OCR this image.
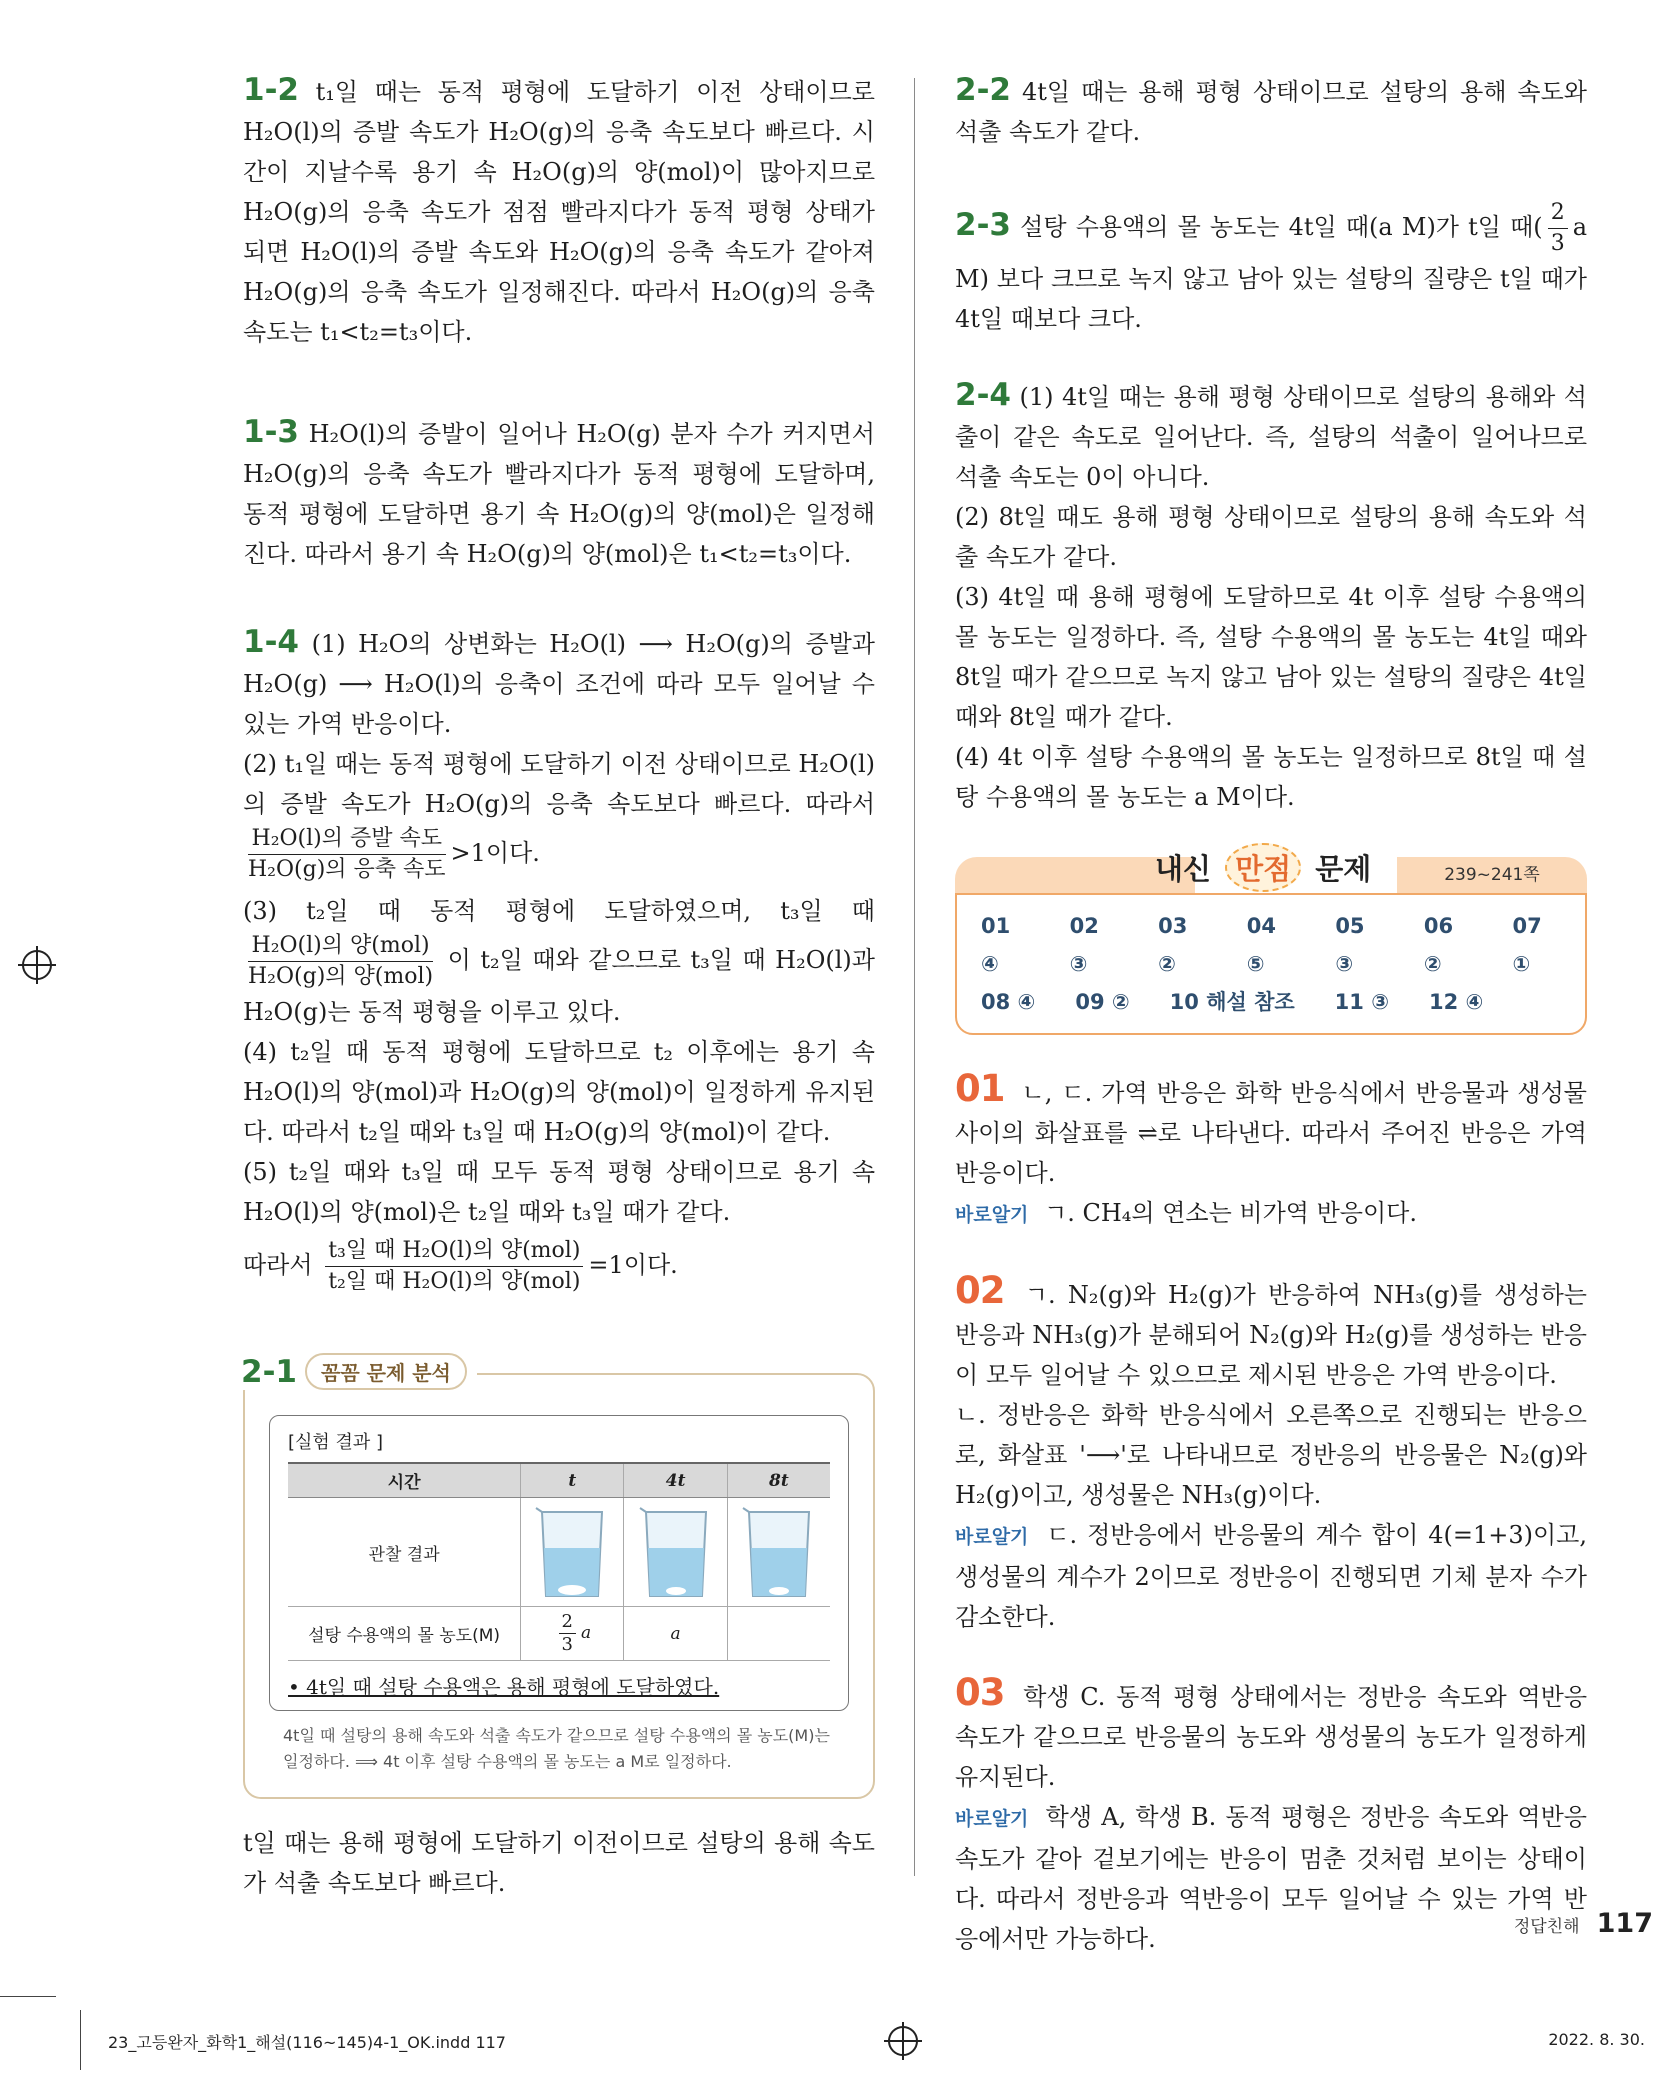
1-2 t₁일 때는 동적 평형에 도달하기 이전 상태이므로 H₂O(l)의 증발 속도가 H₂O(g)의 응축 속도보다 빠르다. 시간이 지날수록 용기 속 H₂O(g)의 양(mol)이 많아지므로 H₂O(g)의 응축 속도가 점점 빨라지다가 동적 평형 상태가 되면 H₂O(l)의 증발 속도와 H₂O(g)의 응축 속도가 같아져 H₂O(g)의 응축 속도가 일정해진다. 따라서 H₂O(g)의 응축 속도는 t₁<t₂=t₃이다.

1-3 H₂O(l)의 증발이 일어나 H₂O(g) 분자 수가 커지면서 H₂O(g)의 응축 속도가 빨라지다가 동적 평형에 도달하며, 동적 평형에 도달하면 용기 속 H₂O(g)의 양(mol)은 일정해진다. 따라서 용기 속 H₂O(g)의 양(mol)은 t₁<t₂=t₃이다.

1-4 (1) H₂O의 상변화는 H₂O(l) ⟶ H₂O(g)의 증발과 H₂O(g) ⟶ H₂O(l)의 응축이 조건에 따라 모두 일어날 수 있는 가역 반응이다.

(2) t₁일 때는 동적 평형에 도달하기 이전 상태이므로 H₂O(l)의 증발 속도가 H₂O(g)의 응축 속도보다 빠르다. 따라서
$\frac{\text{H₂O(l)의 증발 속도}}{\text{H₂O(g)의 응축 속도}} >1$이다.

(3) t₂일 때 동적 평형에 도달하였으며, t₃일 때
$\frac{\text{H₂O(l)의 양(mol)}}{\text{H₂O(g)의 양(mol)}}$ 이 t₂일 때와 같으므로 t₃일 때 H₂O(l)과 H₂O(g)는 동적 평형을 이루고 있다.

(4) t₂일 때 동적 평형에 도달하므로 t₂ 이후에는 용기 속 H₂O(l)의 양(mol)과 H₂O(g)의 양(mol)이 일정하게 유지된다. 따라서 t₂일 때와 t₃일 때 H₂O(g)의 양(mol)이 같다.

(5) t₂일 때와 t₃일 때 모두 동적 평형 상태이므로 용기 속 H₂O(l)의 양(mol)은 t₂일 때와 t₃일 때가 같다.

따라서 $\frac{\text{t₃일 때 H₂O(l)의 양(mol)}}{\text{t₂일 때 H₂O(l)의 양(mol)}} =1$이다.

2-1	꼼꼼 문제 분석
[실험 결과 ]
시간	t	4t	8t
관찰 결과	

설탕 수용액의 몰 농도(M)	$\frac{2}{3}$ a	a	
• 4t일 때 설탕 수용액은 용해 평형에 도달하였다.
4t일 때 설탕의 용해 속도와 석출 속도가 같으므로 설탕 수용액의 몰 농도(M)는 일정하다. ⟹ 4t 이후 설탕 수용액의 몰 농도는 a M로 일정하다.

t일 때는 용해 평형에 도달하기 이전이므로 설탕의 용해 속도가 석출 속도보다 빠르다.

2-2 4t일 때는 용해 평형 상태이므로 설탕의 용해 속도와 석출 속도가 같다.

2-3 설탕 수용액의 몰 농도는 4t일 때(a M)가 t일 때( $\frac{2}{3}$ a M) 보다 크므로 녹지 않고 남아 있는 설탕의 질량은 t일 때가 4t일 때보다 크다.

2-4 (1) 4t일 때는 용해 평형 상태이므로 설탕의 용해와 석출이 같은 속도로 일어난다. 즉, 설탕의 석출이 일어나므로 석출 속도는 0이 아니다.

(2) 8t일 때도 용해 평형 상태이므로 설탕의 용해 속도와 석출 속도가 같다.

(3) 4t일 때 용해 평형에 도달하므로 4t 이후 설탕 수용액의 몰 농도는 일정하다. 즉, 설탕 수용액의 몰 농도는 4t일 때와 8t일 때가 같으므로 녹지 않고 남아 있는 설탕의 질량은 4t일 때와 8t일 때가 같다.

(4) 4t 이후 설탕 수용액의 몰 농도는 일정하므로 8t일 때 설탕 수용액의 몰 농도는 a M이다.

내신 만점 문제	239~241쪽
01 ④
02 ③
03 ②
04 ⑤
05 ③
06 ②
07 ①
08 ④ 09 ② 10 해설 참조 11 ③ 12 ④

01 ㄴ, ㄷ. 가역 반응은 화학 반응식에서 반응물과 생성물 사이의 화살표를 ⇌로 나타낸다. 따라서 주어진 반응은 가역 반응이다.

바로알기 ㄱ. CH₄의 연소는 비가역 반응이다.

02 ㄱ. N₂(g)와 H₂(g)가 반응하여 NH₃(g)를 생성하는 반응과 NH₃(g)가 분해되어 N₂(g)와 H₂(g)를 생성하는 반응이 모두 일어날 수 있으므로 제시된 반응은 가역 반응이다.

ㄴ. 정반응은 화학 반응식에서 오른쪽으로 진행되는 반응으로, 화살표 '⟶'로 나타내므로 정반응의 반응물은 N₂(g)와 H₂(g)이고, 생성물은 NH₃(g)이다.

바로알기 ㄷ. 정반응에서 반응물의 계수 합이 4(=1+3)이고, 생성물의 계수가 2이므로 정반응이 진행되면 기체 분자 수가 감소한다.

03 학생 C. 동적 평형 상태에서는 정반응 속도와 역반응 속도가 같으므로 반응물의 농도와 생성물의 농도가 일정하게 유지된다.

바로알기 학생 A, 학생 B. 동적 평형은 정반응 속도와 역반응 속도가 같아 겉보기에는 반응이 멈춘 것처럼 보이는 상태이다. 따라서 정반응과 역반응이 모두 일어날 수 있는 가역 반응에서만 가능하다.	정답친해 117
23_고등완자_화학1_해설(116~145)4-1_OK.indd 117	2022. 8. 30.
